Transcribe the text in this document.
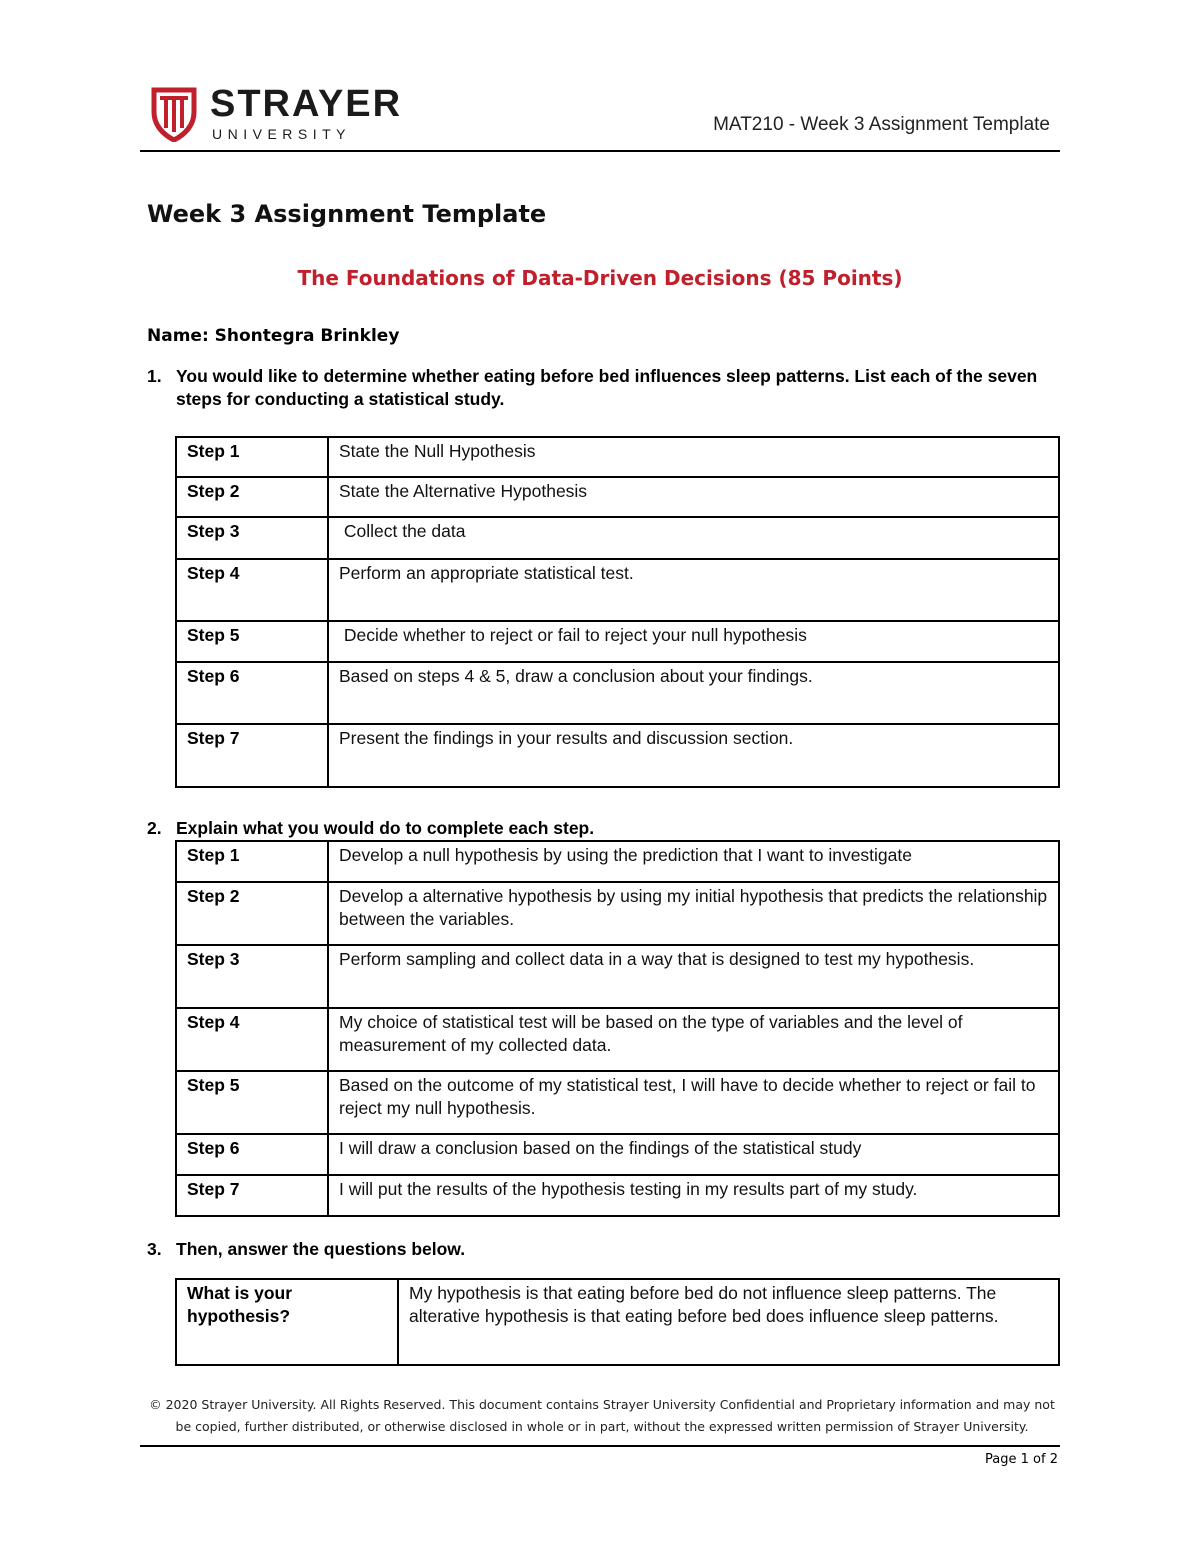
STRAYER
UNIVERSITY	MAT210 - Week 3 Assignment Template
Week 3 Assignment Template
The Foundations of Data-Driven Decisions (85 Points)
Name: Shontegra Brinkley
1. You would like to determine whether eating before bed influences sleep patterns. List each of the seven steps for conducting a statistical study.
Step 1	State the Null Hypothesis
Step 2	State the Alternative Hypothesis
Step 3	Collect the data
Step 4	Perform an appropriate statistical test.
Step 5	Decide whether to reject or fail to reject your null hypothesis
Step 6	Based on steps 4 & 5, draw a conclusion about your findings.
Step 7	Present the findings in your results and discussion section.
2. Explain what you would do to complete each step.
Step 1	Develop a null hypothesis by using the prediction that I want to investigate
Step 2	Develop a alternative hypothesis by using my initial hypothesis that predicts the relationship between the variables.
Step 3	Perform sampling and collect data in a way that is designed to test my hypothesis.
Step 4	My choice of statistical test will be based on the type of variables and the level of measurement of my collected data.
Step 5	Based on the outcome of my statistical test, I will have to decide whether to reject or fail to reject my null hypothesis.
Step 6	I will draw a conclusion based on the findings of the statistical study
Step 7	I will put the results of the hypothesis testing in my results part of my study.
3. Then, answer the questions below.
What is your hypothesis?	My hypothesis is that eating before bed do not influence sleep patterns. The alterative hypothesis is that eating before bed does influence sleep patterns.
© 2020 Strayer University. All Rights Reserved. This document contains Strayer University Confidential and Proprietary information and may not be copied, further distributed, or otherwise disclosed in whole or in part, without the expressed written permission of Strayer University.
Page 1 of 2
